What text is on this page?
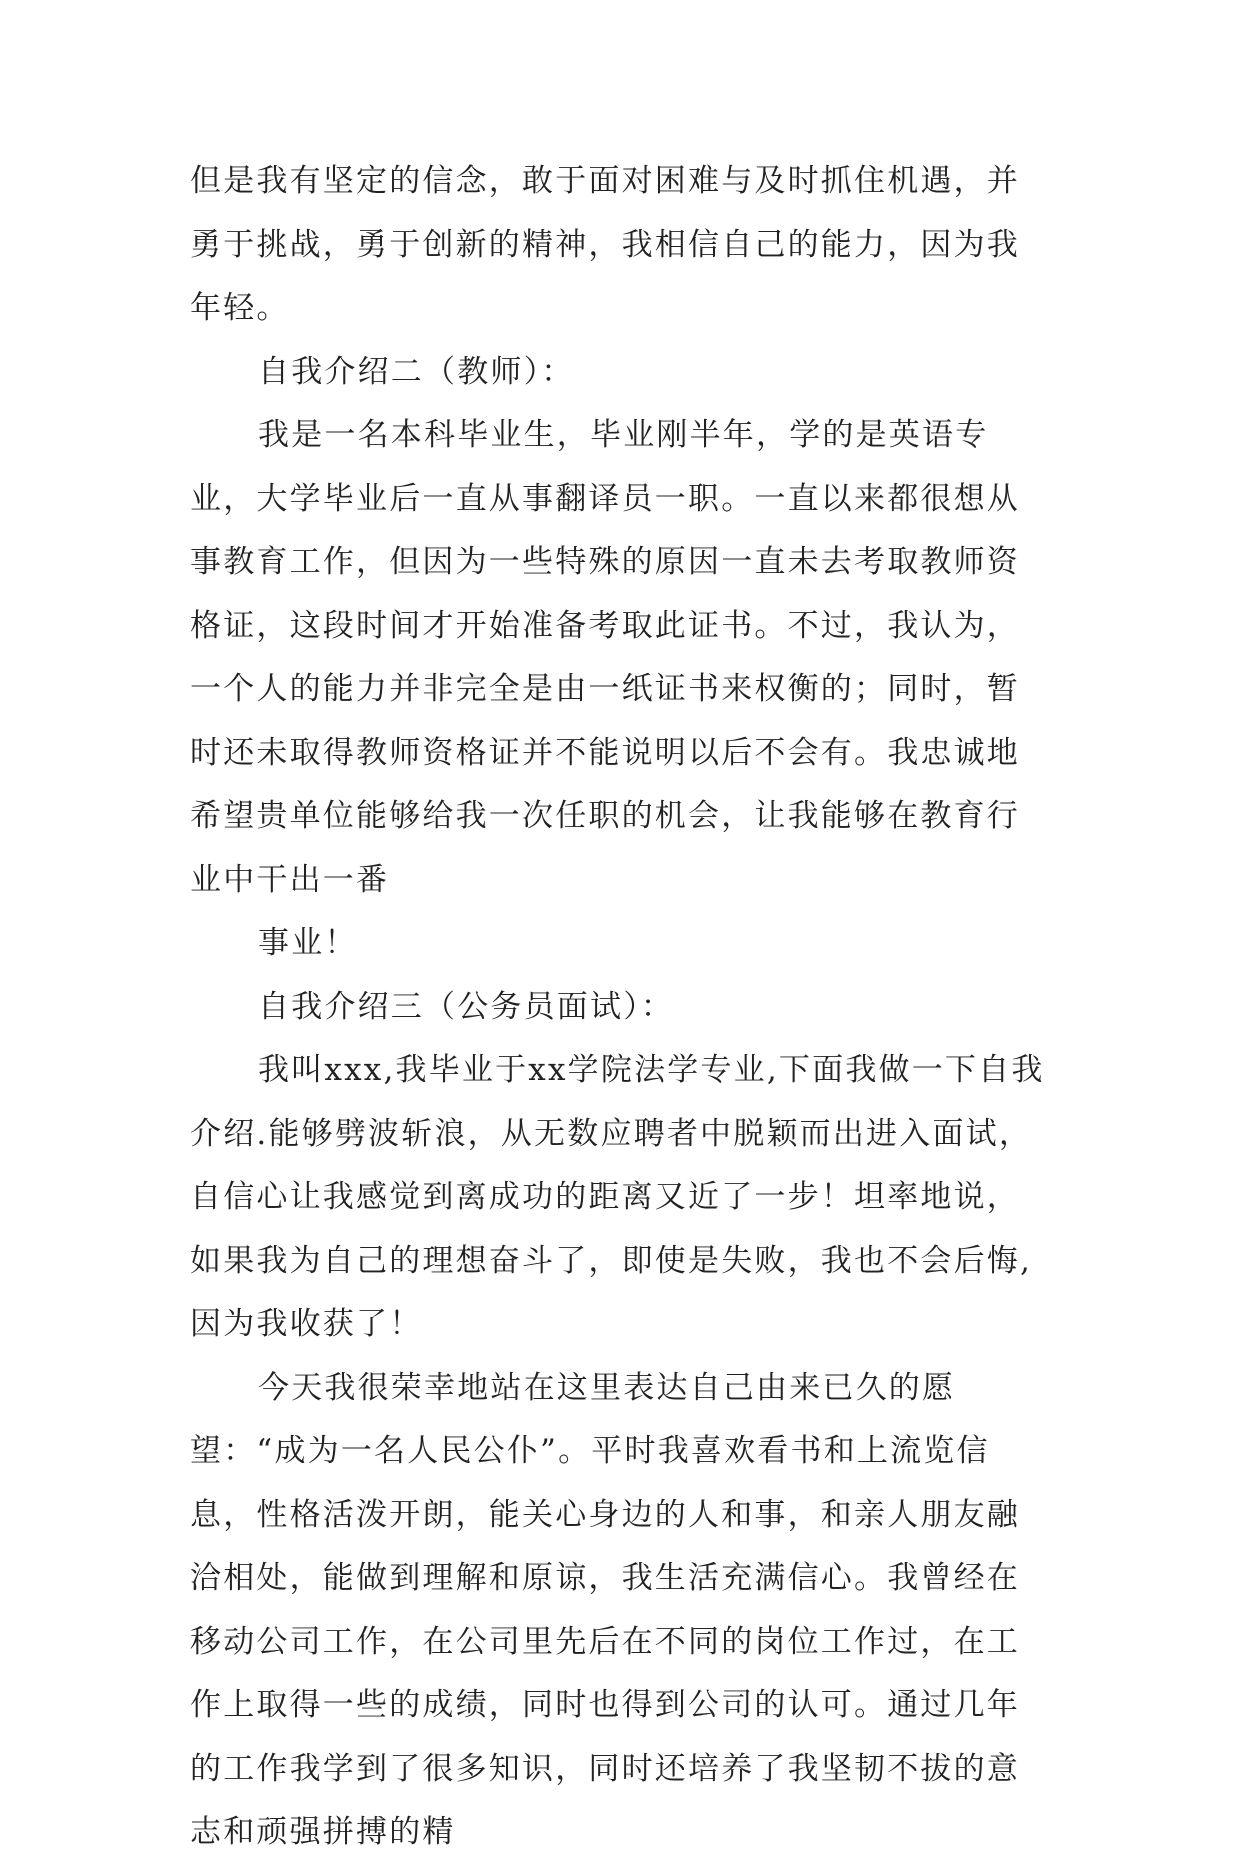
但是我有坚定的信念，敢于面对困难与及时抓住机遇，并勇于挑战，勇于创新的精神，我相信自己的能力，因为我年轻。

自我介绍二（教师）：

我是一名本科毕业生，毕业刚半年，学的是英语专业，大学毕业后一直从事翻译员一职。一直以来都很想从事教育工作，但因为一些特殊的原因一直未去考取教师资格证，这段时间才开始准备考取此证书。不过，我认为，一个人的能力并非完全是由一纸证书来权衡的；同时，暂时还未取得教师资格证并不能说明以后不会有。我忠诚地希望贵单位能够给我一次任职的机会，让我能够在教育行业中干出一番

事业！

自我介绍三（公务员面试）：

我叫xxx,我毕业于xx学院法学专业,下面我做一下自我介绍.能够劈波斩浪，从无数应聘者中脱颖而出进入面试，

自信心让我感觉到离成功的距离又近了一步！坦率地说，如果我为自己的理想奋斗了，即使是失败，我也不会后悔,因为我收获了！

今天我很荣幸地站在这里表达自己由来已久的愿望：“成为一名人民公仆”。平时我喜欢看书和上流览信息，性格活泼开朗，能关心身边的人和事，和亲人朋友融洽相处，能做到理解和原谅，我生活充满信心。我曾经在移动公司工作，在公司里先后在不同的岗位工作过，在工作上取得一些的成绩，同时也得到公司的认可。通过几年的工作我学到了很多知识，同时还培养了我坚韧不拔的意志和顽强拼搏的精
